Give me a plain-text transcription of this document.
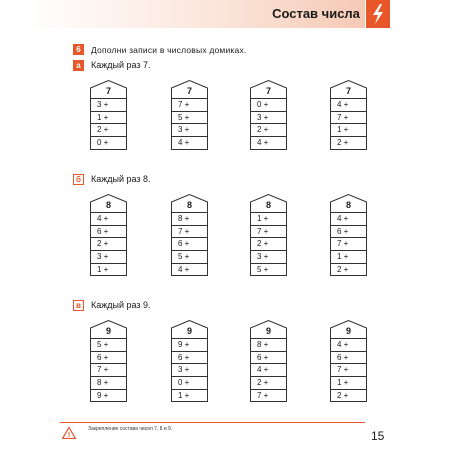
Состав числа
6	Дополни записи в числовых домиках.
а	Каждый раз 7.
7
3 +
1 +
2 +
0 +
7
7 +
5 +
3 +
4 +
7
0 +
3 +
2 +
4 +
7
4 +
7 +
1 +
2 +
б	Каждый раз 8.
8
4 +
6 +
2 +
3 +
1 +
8
8 +
7 +
6 +
5 +
4 +
8
1 +
7 +
2 +
3 +
5 +
8
4 +
6 +
7 +
1 +
2 +
в	Каждый раз 9.
9
5 +
6 +
7 +
8 +
9 +
9
9 +
6 +
3 +
0 +
1 +
9
8 +
6 +
4 +
2 +
7 +
9
4 +
6 +
7 +
1 +
2 +
!
Закрепление состава чисел 7, 8 и 9.	15
